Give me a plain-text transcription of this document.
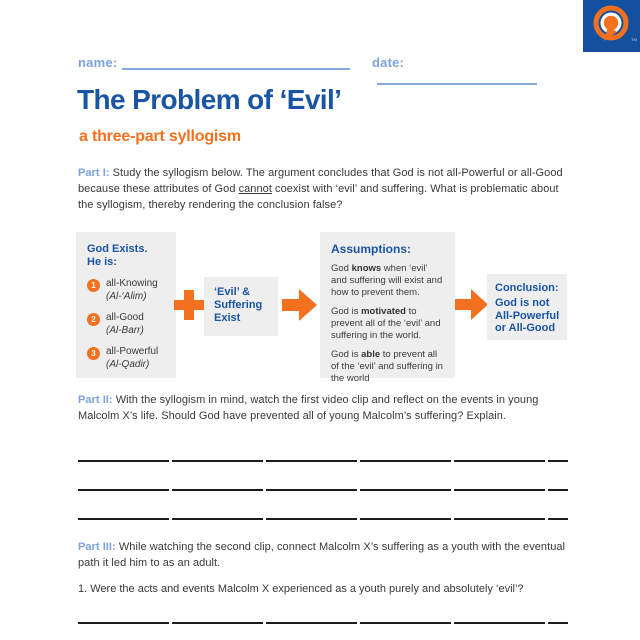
TM
name:	date:
The Problem of ‘Evil’
a three-part syllogism

Part I: Study the syllogism below. The argument concludes that God is not all-Powerful or all-Good because these attributes of God cannot coexist with ‘evil’ and suffering. What is problematic about the syllogism, thereby rendering the conclusion false?

God Exists.
He is:
1	all-Knowing
(Al-‘Alim)
2	all-Good
(Al-Barr)
3	all-Powerful
(Al-Qadir)
‘Evil’ &
Suffering
Exist
Assumptions:

God knows when ‘evil’ and suffering will exist and how to prevent them.

God is motivated to prevent all of the ‘evil’ and suffering in the world.

God is able to prevent all of the ‘evil’ and suffering in the world

Conclusion:
God is not
All-Powerful
or All-Good

Part II: With the syllogism in mind, watch the first video clip and reflect on the events in young Malcolm X’s life. Should God have prevented all of young Malcolm’s suffering? Explain.

Part III: While watching the second clip, connect Malcolm X’s suffering as a youth with the eventual path it led him to as an adult.

1. Were the acts and events Malcolm X experienced as a youth purely and absolutely ‘evil’?
